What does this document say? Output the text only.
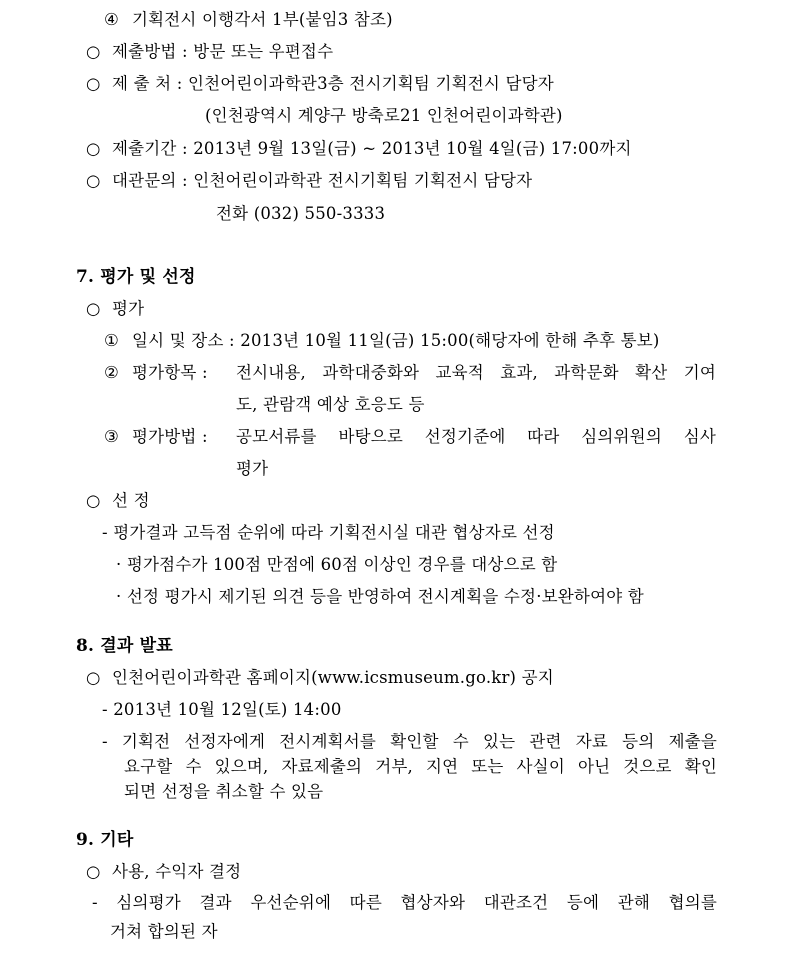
④ 기획전시 이행각서 1부(붙임3 참조)
○ 제출방법 : 방문 또는 우편접수
○ 제 출 처 : 인천어린이과학관3층 전시기획팀 기획전시 담당자
(인천광역시 계양구 방축로21 인천어린이과학관)
○ 제출기간 : 2013년 9월 13일(금) ~ 2013년 10월 4일(금) 17:00까지
○ 대관문의 : 인천어린이과학관 전시기획팀 기획전시 담당자
전화 (032) 550-3333
7. 평가 및 선정
○ 평가
① 일시 및 장소 : 2013년 10월 11일(금) 15:00(해당자에 한해 추후 통보)
② 평가항목 : 전시내용, 과학대중화와 교육적 효과, 과학문화 확산 기여
도, 관람객 예상 호응도 등
③ 평가방법 : 공모서류를 바탕으로 선정기준에 따라 심의위원의 심사
평가
○ 선 정
- 평가결과 고득점 순위에 따라 기획전시실 대관 협상자로 선정
· 평가점수가 100점 만점에 60점 이상인 경우를 대상으로 함
· 선정 평가시 제기된 의견 등을 반영하여 전시계획을 수정·보완하여야 함
8. 결과 발표
○ 인천어린이과학관 홈페이지(www.icsmuseum.go.kr) 공지
- 2013년 10월 12일(토) 14:00
- 기획전 선정자에게 전시계획서를 확인할 수 있는 관련 자료 등의 제출을
요구할 수 있으며, 자료제출의 거부, 지연 또는 사실이 아닌 것으로 확인
되면 선정을 취소할 수 있음
9. 기타
○ 사용, 수익자 결정
- 심의평가 결과 우선순위에 따른 협상자와 대관조건 등에 관해 협의를
거쳐 합의된 자
